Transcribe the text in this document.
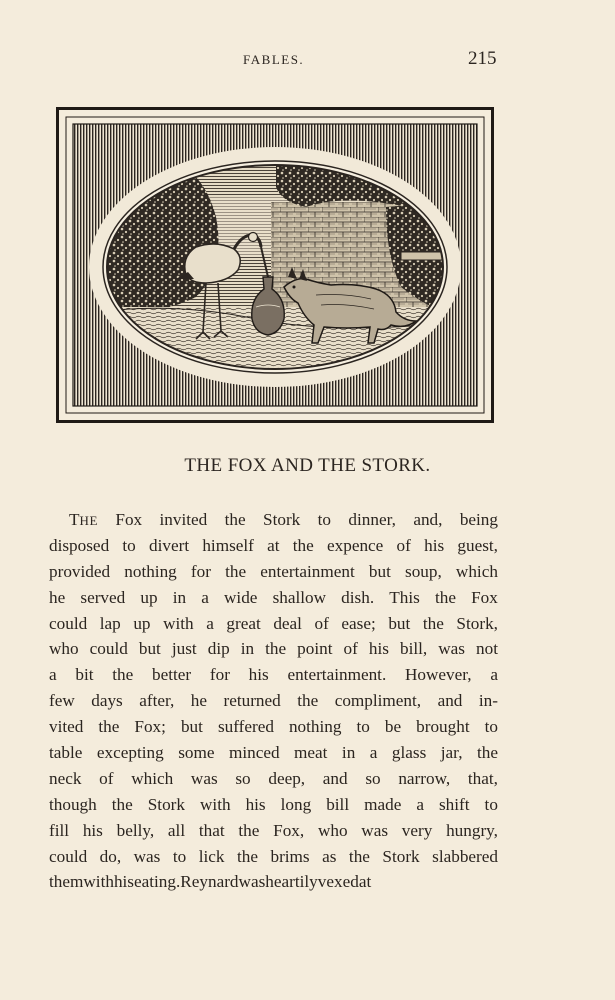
FABLES.	215
THE FOX AND THE STORK.
THE Fox invited the Stork to dinner, and, being
disposed to divert himself at the expence of his guest,
provided nothing for the entertainment but soup, which
he served up in a wide shallow dish. This the Fox
could lap up with a great deal of ease; but the Stork,
who could but just dip in the point of his bill, was not
a bit the better for his entertainment. However, a
few days after, he returned the compliment, and in-
vited the Fox; but suffered nothing to be brought to
table excepting some minced meat in a glass jar, the
neck of which was so deep, and so narrow, that,
though the Stork with his long bill made a shift to
fill his belly, all that the Fox, who was very hungry,
could do, was to lick the brims as the Stork slabbered
them with his eating. Reynard was heartily vexed at
